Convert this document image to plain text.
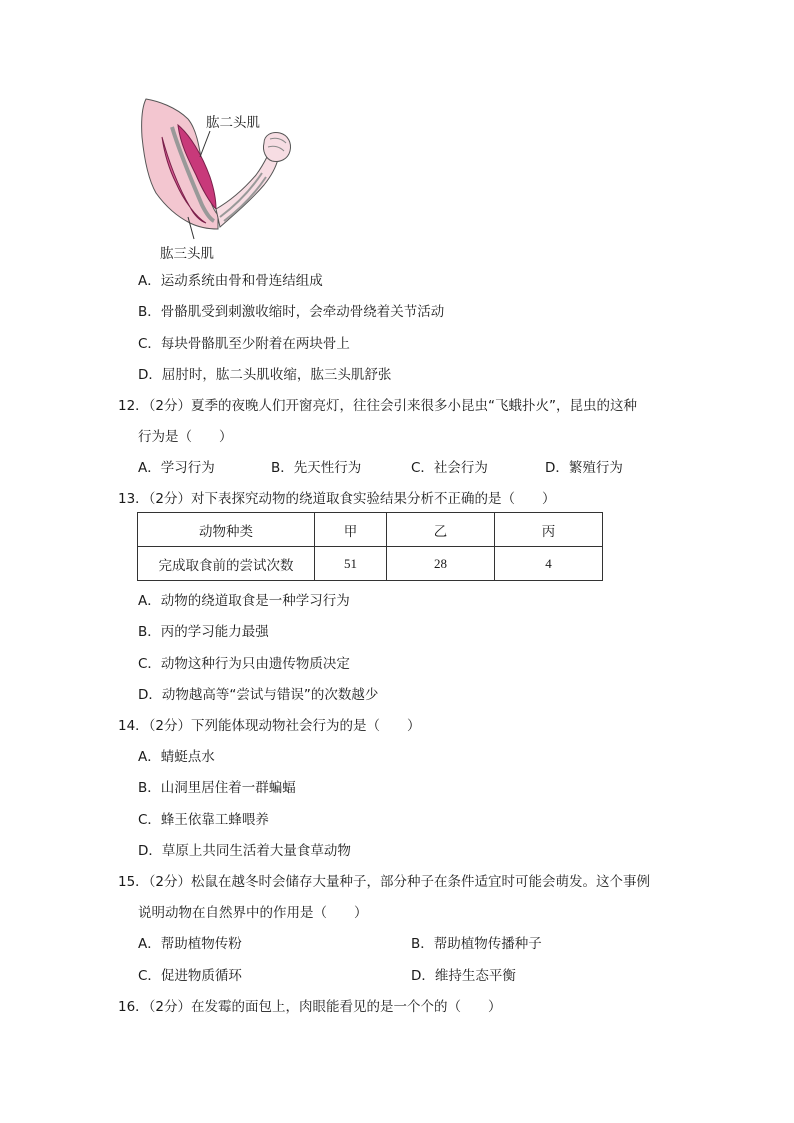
肱二头肌
肱三头肌
A．运动系统由骨和骨连结组成
B．骨骼肌受到刺激收缩时，会牵动骨绕着关节活动
C．每块骨骼肌至少附着在两块骨上
D．屈肘时，肱二头肌收缩，肱三头肌舒张
12．（2分）夏季的夜晚人们开窗亮灯，往往会引来很多小昆虫“飞蛾扑火”，昆虫的这种
行为是（　　）
A．学习行为	B．先天性行为	C．社会行为	D．繁殖行为
13．（2分）对下表探究动物的绕道取食实验结果分析不正确的是（　　）
动物种类	甲	乙	丙
完成取食前的尝试次数	51	28	4
A．动物的绕道取食是一种学习行为
B．丙的学习能力最强
C．动物这种行为只由遗传物质决定
D．动物越高等“尝试与错误”的次数越少
14．（2分）下列能体现动物社会行为的是（　　）
A．蜻蜓点水
B．山洞里居住着一群蝙蝠
C．蜂王依靠工蜂喂养
D．草原上共同生活着大量食草动物
15．（2分）松鼠在越冬时会储存大量种子，部分种子在条件适宜时可能会萌发。这个事例
说明动物在自然界中的作用是（　　）
A．帮助植物传粉	B．帮助植物传播种子
C．促进物质循环	D．维持生态平衡
16．（2分）在发霉的面包上，肉眼能看见的是一个个的（　　）
